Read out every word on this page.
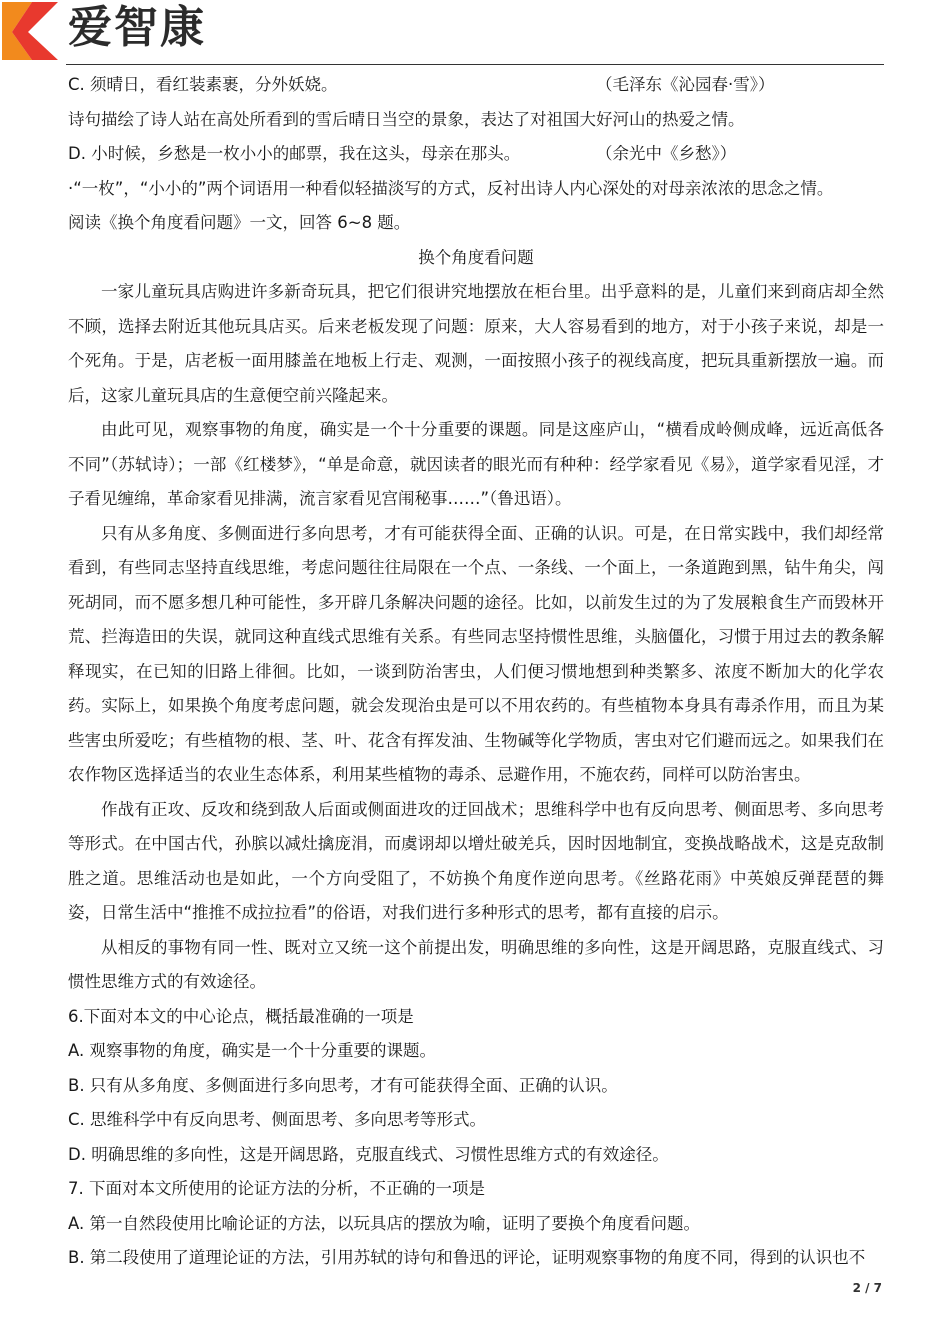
爱智康
C. 须晴日，看红装素裹，分外妖娆。	（毛泽东《沁园春·雪》）
诗句描绘了诗人站在高处所看到的雪后晴日当空的景象，表达了对祖国大好河山的热爱之情。
D. 小时候，乡愁是一枚小小的邮票，我在这头，母亲在那头。	（余光中《乡愁》）
·“一枚”，“小小的”两个词语用一种看似轻描淡写的方式，反衬出诗人内心深处的对母亲浓浓的思念之情。
阅读《换个角度看问题》一文，回答 6~8 题。
换个角度看问题
一家儿童玩具店购进许多新奇玩具，把它们很讲究地摆放在柜台里。出乎意料的是，儿童们来到商店却全然不顾，选择去附近其他玩具店买。后来老板发现了问题：原来，大人容易看到的地方，对于小孩子来说，却是一个死角。于是，店老板一面用膝盖在地板上行走、观测，一面按照小孩子的视线高度，把玩具重新摆放一遍。而后，这家儿童玩具店的生意便空前兴隆起来。
由此可见，观察事物的角度，确实是一个十分重要的课题。同是这座庐山，“横看成岭侧成峰，远近高低各不同”（苏轼诗）；一部《红楼梦》，“单是命意，就因读者的眼光而有种种：经学家看见《易》，道学家看见淫，才子看见缠绵，革命家看见排满，流言家看见宫闱秘事……”（鲁迅语）。
只有从多角度、多侧面进行多向思考，才有可能获得全面、正确的认识。可是，在日常实践中，我们却经常看到，有些同志坚持直线思维，考虑问题往往局限在一个点、一条线、一个面上，一条道跑到黑，钻牛角尖，闯死胡同，而不愿多想几种可能性，多开辟几条解决问题的途径。比如，以前发生过的为了发展粮食生产而毁林开荒、拦海造田的失误，就同这种直线式思维有关系。有些同志坚持惯性思维，头脑僵化，习惯于用过去的教条解释现实，在已知的旧路上徘徊。比如，一谈到防治害虫，人们便习惯地想到种类繁多、浓度不断加大的化学农药。实际上，如果换个角度考虑问题，就会发现治虫是可以不用农药的。有些植物本身具有毒杀作用，而且为某些害虫所爱吃；有些植物的根、茎、叶、花含有挥发油、生物碱等化学物质，害虫对它们避而远之。如果我们在农作物区选择适当的农业生态体系，利用某些植物的毒杀、忌避作用，不施农药，同样可以防治害虫。
作战有正攻、反攻和绕到敌人后面或侧面进攻的迂回战术；思维科学中也有反向思考、侧面思考、多向思考等形式。在中国古代，孙膑以减灶擒庞涓，而虞诩却以增灶破羌兵，因时因地制宜，变换战略战术，这是克敌制胜之道。思维活动也是如此，一个方向受阻了，不妨换个角度作逆向思考。《丝路花雨》中英娘反弹琵琶的舞姿，日常生活中“推推不成拉拉看”的俗语，对我们进行多种形式的思考，都有直接的启示。
从相反的事物有同一性、既对立又统一这个前提出发，明确思维的多向性，这是开阔思路，克服直线式、习惯性思维方式的有效途径。
6.下面对本文的中心论点，概括最准确的一项是
A. 观察事物的角度，确实是一个十分重要的课题。
B. 只有从多角度、多侧面进行多向思考，才有可能获得全面、正确的认识。
C. 思维科学中有反向思考、侧面思考、多向思考等形式。
D. 明确思维的多向性，这是开阔思路，克服直线式、习惯性思维方式的有效途径。
7. 下面对本文所使用的论证方法的分析，不正确的一项是
A. 第一自然段使用比喻论证的方法，以玩具店的摆放为喻，证明了要换个角度看问题。
B. 第二段使用了道理论证的方法，引用苏轼的诗句和鲁迅的评论，证明观察事物的角度不同，得到的认识也不
2 / 7
